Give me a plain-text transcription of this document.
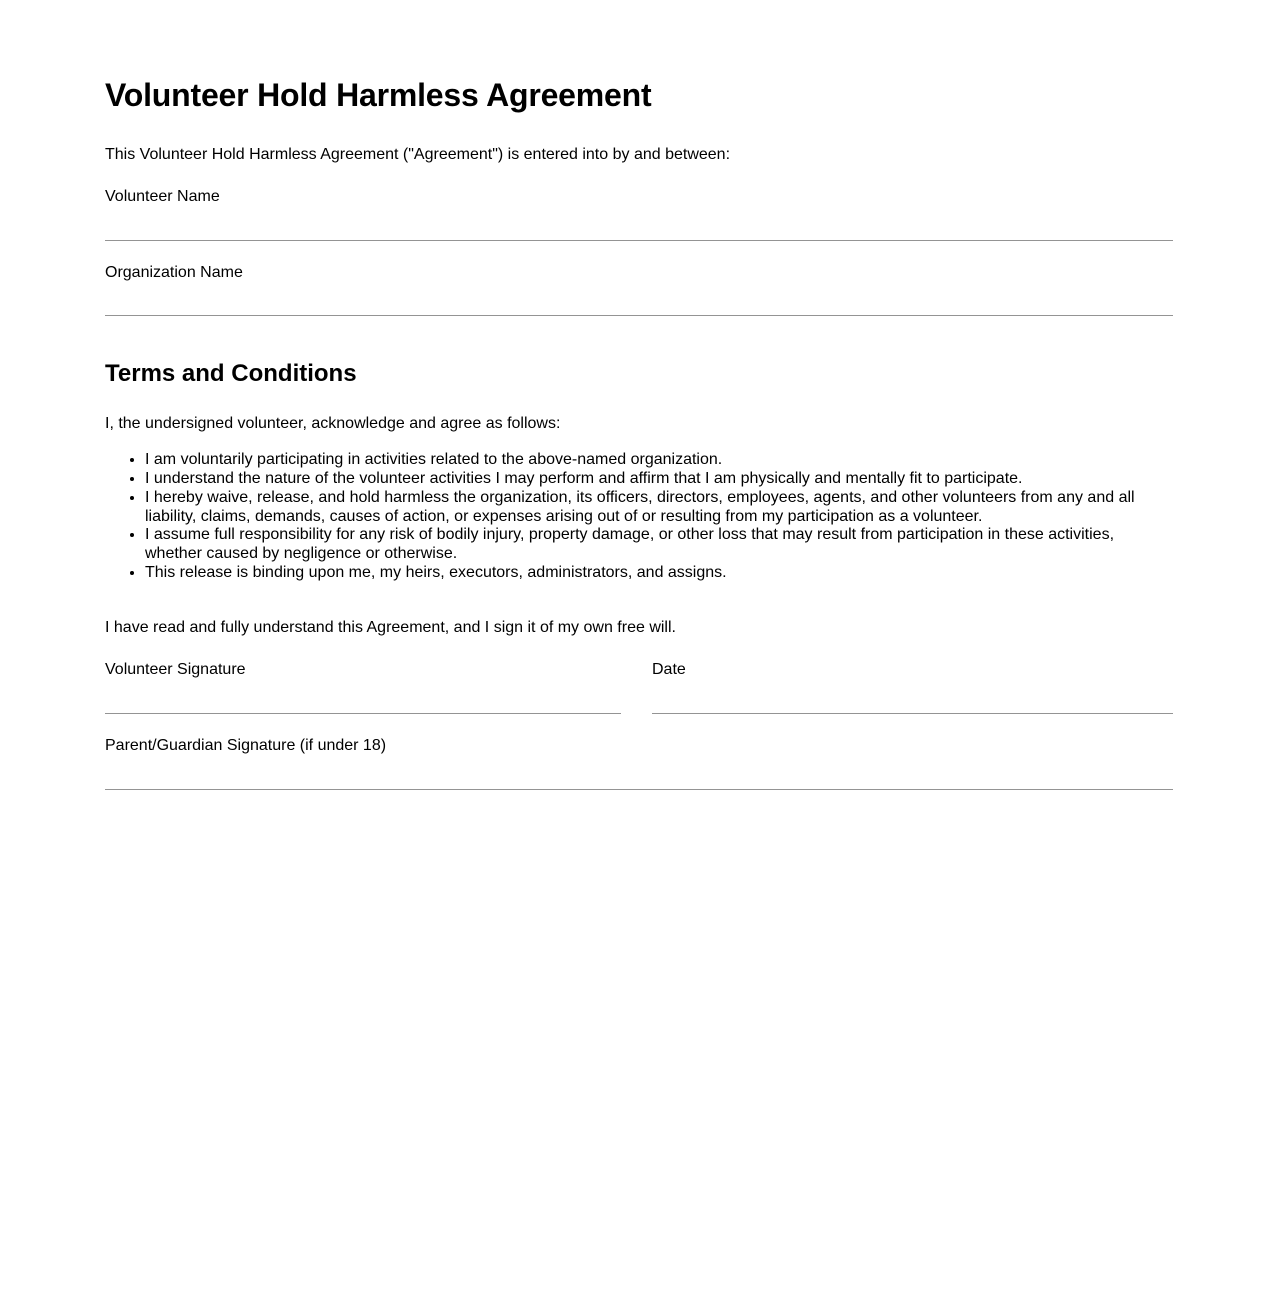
Volunteer Hold Harmless Agreement

This Volunteer Hold Harmless Agreement ("Agreement") is entered into by and between:

Volunteer Name

Organization Name

Terms and Conditions

I, the undersigned volunteer, acknowledge and agree as follows:

• I am voluntarily participating in activities related to the above-named organization.
• I understand the nature of the volunteer activities I may perform and affirm that I am physically and mentally fit to participate.
• I hereby waive, release, and hold harmless the organization, its officers, directors, employees, agents, and other volunteers from any and all liability, claims, demands, causes of action, or expenses arising out of or resulting from my participation as a volunteer.
• I assume full responsibility for any risk of bodily injury, property damage, or other loss that may result from participation in these activities, whether caused by negligence or otherwise.
• This release is binding upon me, my heirs, executors, administrators, and assigns.

I have read and fully understand this Agreement, and I sign it of my own free will.

Volunteer Signature	Date

Parent/Guardian Signature (if under 18)
